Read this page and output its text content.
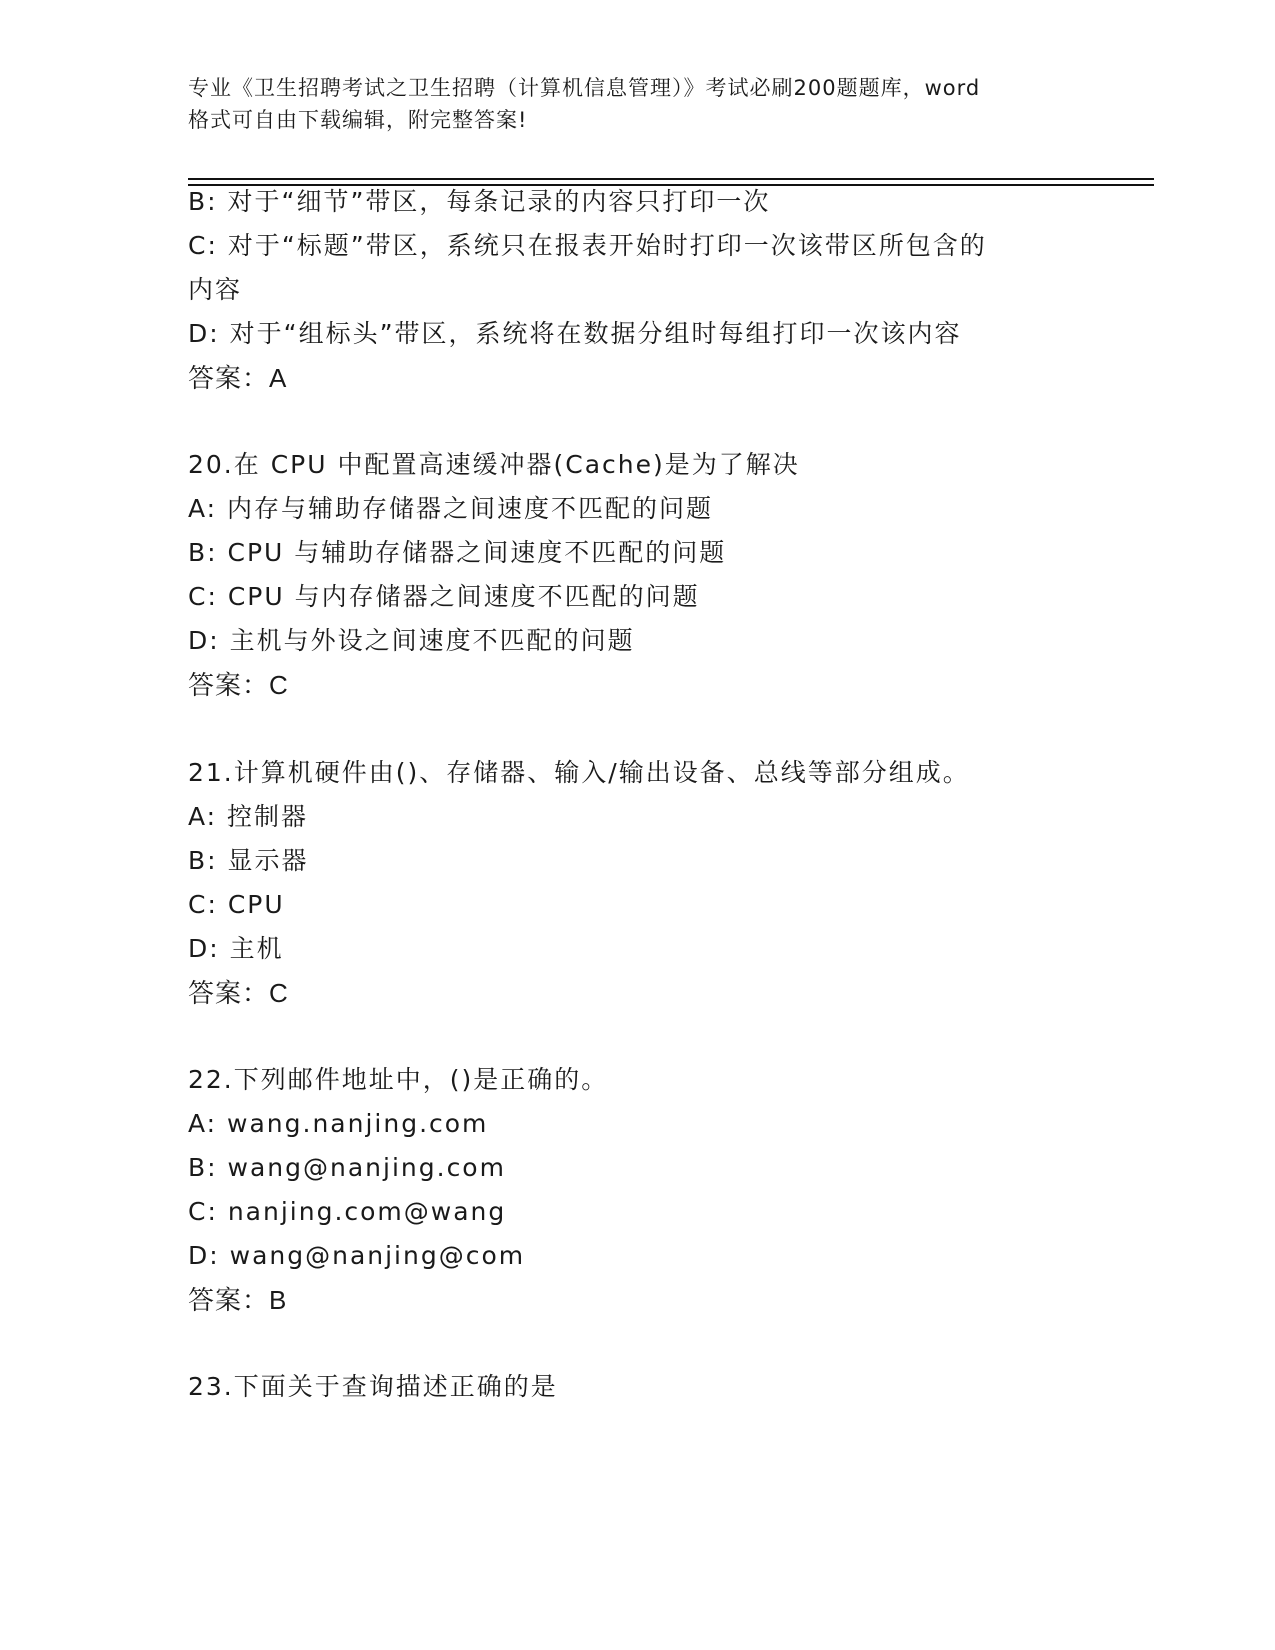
专业《卫生招聘考试之卫生招聘（计算机信息管理）》考试必刷200题题库，word
格式可自由下载编辑，附完整答案!
B: 对于“细节”带区，每条记录的内容只打印一次
C: 对于“标题”带区，系统只在报表开始时打印一次该带区所包含的
内容
D: 对于“组标头”带区，系统将在数据分组时每组打印一次该内容
答案：A
20.在 CPU 中配置高速缓冲器(Cache)是为了解决
A: 内存与辅助存储器之间速度不匹配的问题
B: CPU 与辅助存储器之间速度不匹配的问题
C: CPU 与内存储器之间速度不匹配的问题
D: 主机与外设之间速度不匹配的问题
答案：C
21.计算机硬件由()、存储器、输入/输出设备、总线等部分组成。
A: 控制器
B: 显示器
C: CPU
D: 主机
答案：C
22.下列邮件地址中，()是正确的。
A: wang.nanjing.com
B: wang@nanjing.com
C: nanjing.com@wang
D: wang@nanjing@com
答案：B
23.下面关于查询描述正确的是
